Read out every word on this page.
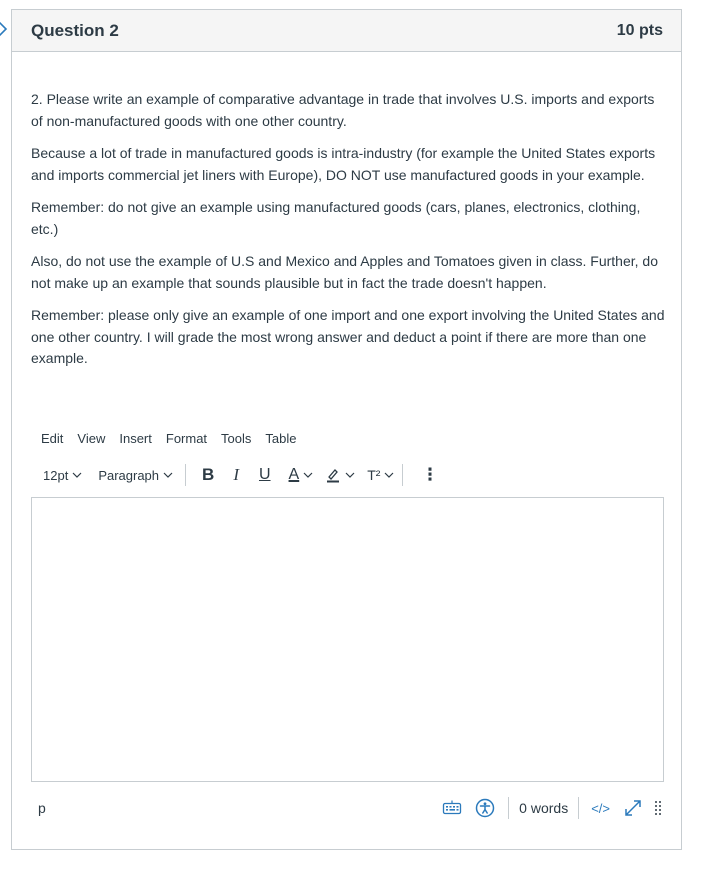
Question 2	10 pts

2. Please write an example of comparative advantage in trade that involves U.S. imports and exports of non-manufactured goods with one other country.

Because a lot of trade in manufactured goods is intra-industry (for example the United States exports and imports commercial jet liners with Europe), DO NOT use manufactured goods in your example.

Remember: do not give an example using manufactured goods (cars, planes, electronics, clothing, etc.)

Also, do not use the example of U.S and Mexico and Apples and Tomatoes given in class. Further, do not make up an example that sounds plausible but in fact the trade doesn't happen.

Remember: please only give an example of one import and one export involving the United States and one other country. I will grade the most wrong answer and deduct a point if there are more than one example.

Edit View Insert Format Tools Table
12pt Paragraph	B I U A	T² ⋮
p	0 words	</>
